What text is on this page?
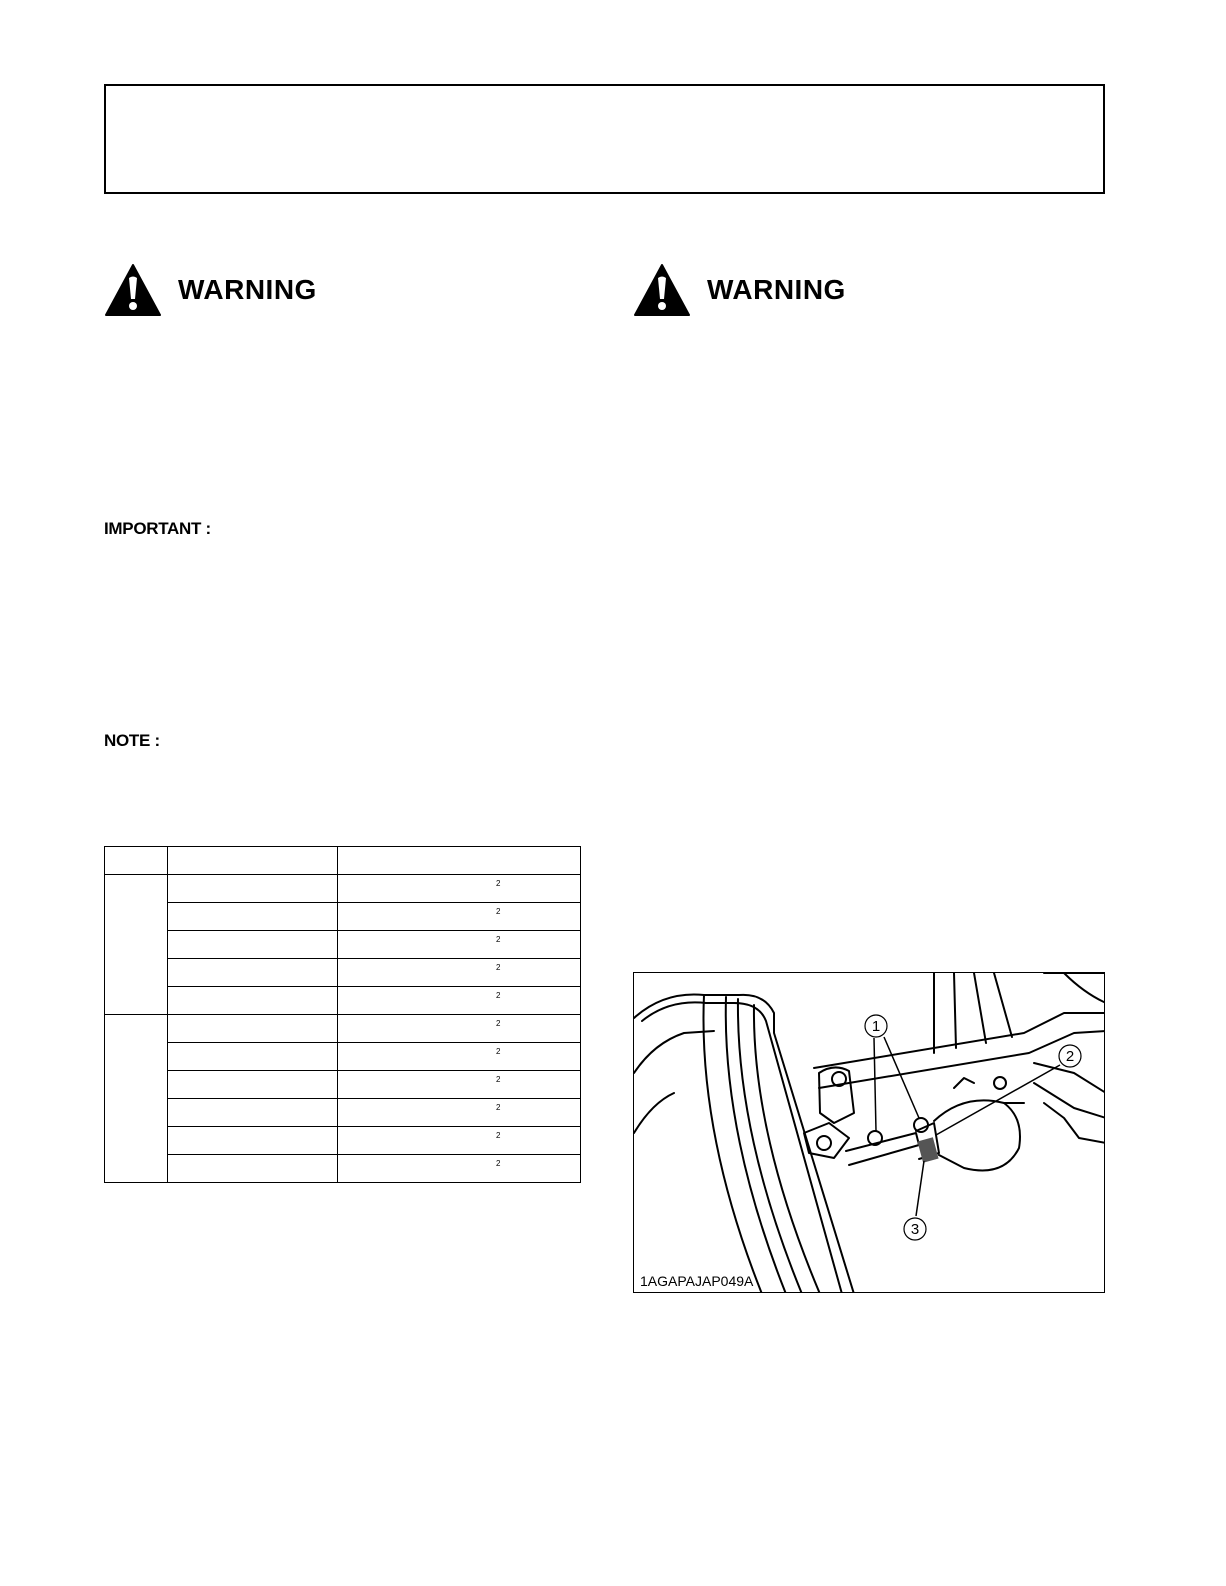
WARNING	WARNING
IMPORTANT :
NOTE :

		2

		2

		2

		2

		2

		2

		2

		2

		2

		2

		2
1
2
3
1AGAPAJAP049A
